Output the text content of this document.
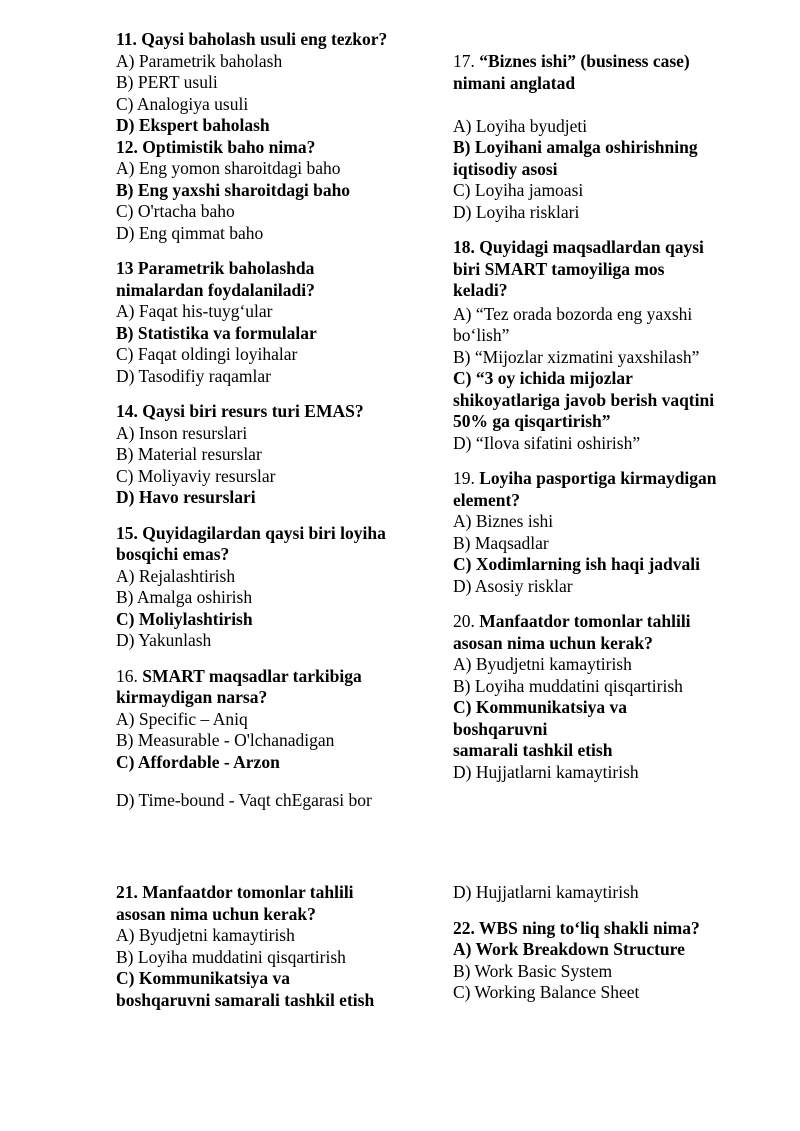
11. Qaysi baholash usuli eng tezkor?
A) Parametrik baholash
B) PERT usuli
C) Analogiya usuli
D) Ekspert baholash
12. Optimistik baho nima?
A) Eng yomon sharoitdagi baho
B) Eng yaxshi sharoitdagi baho
C) O'rtacha baho
D) Eng qimmat baho
13 Parametrik baholashda
nimalardan foydalaniladi?
A) Faqat his-tuyg‘ular
B) Statistika va formulalar
C) Faqat oldingi loyihalar
D) Tasodifiy raqamlar
14. Qaysi biri resurs turi EMAS?
A) Inson resurslari
B) Material resurslar
C) Moliyaviy resurslar
D) Havo resurslari
15. Quyidagilardan qaysi biri loyiha
bosqichi emas?
A) Rejalashtirish
B) Amalga oshirish
C) Moliylashtirish
D) Yakunlash
16. SMART maqsadlar tarkibiga
kirmaydigan narsa?
A) Specific – Aniq
B) Measurable - O'lchanadigan
C) Affordable - Arzon
D) Time-bound - Vaqt chEgarasi bor
17. “Biznes ishi” (business case)
nimani anglatad
A) Loyiha byudjeti
B) Loyihani amalga oshirishning
iqtisodiy asosi
C) Loyiha jamoasi
D) Loyiha risklari
18. Quyidagi maqsadlardan qaysi
biri SMART tamoyiliga mos
keladi?
A) “Tez orada bozorda eng yaxshi
bo‘lish”
B) “Mijozlar xizmatini yaxshilash”
C) “3 oy ichida mijozlar
shikoyatlariga javob berish vaqtini
50% ga qisqartirish”
D) “Ilova sifatini oshirish”
19. Loyiha pasportiga kirmaydigan
element?
A) Biznes ishi
B) Maqsadlar
C) Xodimlarning ish haqi jadvali
D) Asosiy risklar
20. Manfaatdor tomonlar tahlili
asosan nima uchun kerak?
A) Byudjetni kamaytirish
B) Loyiha muddatini qisqartirish
C) Kommunikatsiya va
boshqaruvni
samarali tashkil etish
D) Hujjatlarni kamaytirish
21. Manfaatdor tomonlar tahlili
asosan nima uchun kerak?
A) Byudjetni kamaytirish
B) Loyiha muddatini qisqartirish
C) Kommunikatsiya va
boshqaruvni samarali tashkil etish
D) Hujjatlarni kamaytirish
22. WBS ning to‘liq shakli nima?
A) Work Breakdown Structure
B) Work Basic System
C) Working Balance Sheet
